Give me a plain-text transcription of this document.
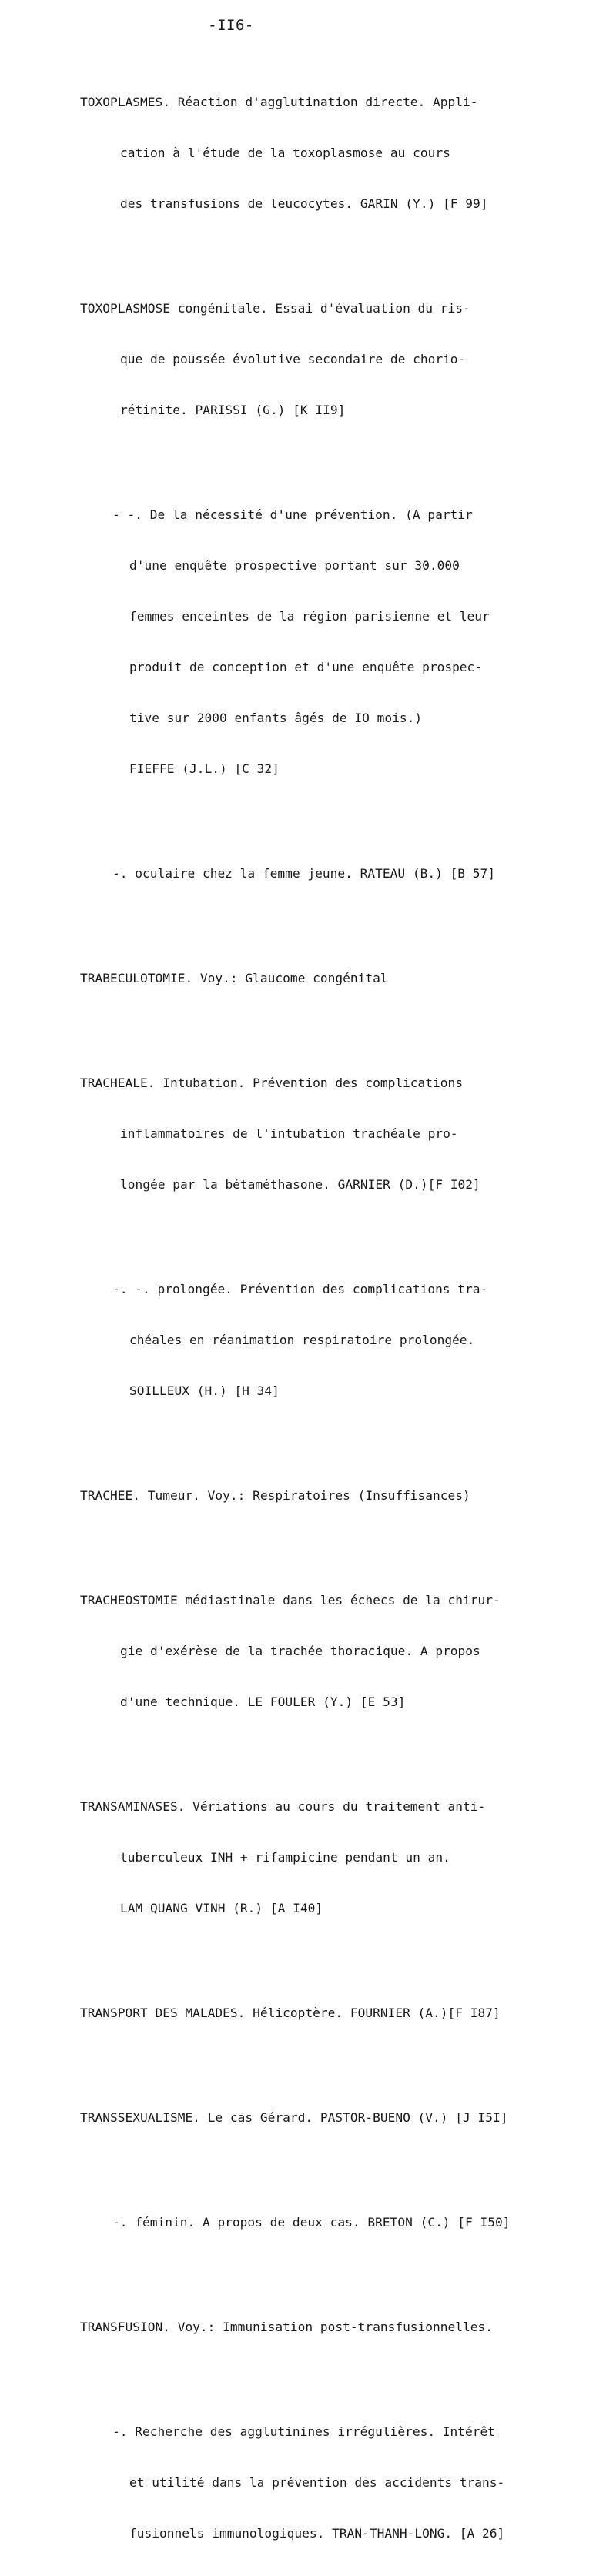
-II6-

TOXOPLASMES. Réaction d'agglutination directe. Appli-

cation à l'étude de la toxoplasmose au cours

des transfusions de leucocytes. GARIN (Y.) [F 99]

TOXOPLASMOSE congénitale. Essai d'évaluation du ris-

que de poussée évolutive secondaire de chorio-

rétinite. PARISSI (G.) [K II9]

- -. De la nécessité d'une prévention. (A partir

d'une enquête prospective portant sur 30.000

femmes enceintes de la région parisienne et leur

produit de conception et d'une enquête prospec-

tive sur 2000 enfants âgés de IO mois.)

FIEFFE (J.L.) [C 32]

-. oculaire chez la femme jeune. RATEAU (B.) [B 57]

TRABECULOTOMIE. Voy.: Glaucome congénital

TRACHEALE. Intubation. Prévention des complications

inflammatoires de l'intubation trachéale pro-

longée par la bétaméthasone. GARNIER (D.)[F I02]

-. -. prolongée. Prévention des complications tra-

chéales en réanimation respiratoire prolongée.

SOILLEUX (H.) [H 34]

TRACHEE. Tumeur. Voy.: Respiratoires (Insuffisances)

TRACHEOSTOMIE médiastinale dans les échecs de la chirur-

gie d'exérèse de la trachée thoracique. A propos

d'une technique. LE FOULER (Y.) [E 53]

TRANSAMINASES. Vériations au cours du traitement anti-

tuberculeux INH + rifampicine pendant un an.

LAM QUANG VINH (R.) [A I40]

TRANSPORT DES MALADES. Hélicoptère. FOURNIER (A.)[F I87]

TRANSSEXUALISME. Le cas Gérard. PASTOR-BUENO (V.) [J I5I]

-. féminin. A propos de deux cas. BRETON (C.) [F I50]

TRANSFUSION. Voy.: Immunisation post-transfusionnelles.

-. Recherche des agglutinines irrégulières. Intérêt

et utilité dans la prévention des accidents trans-

fusionnels immunologiques. TRAN-THANH-LONG. [A 26]
